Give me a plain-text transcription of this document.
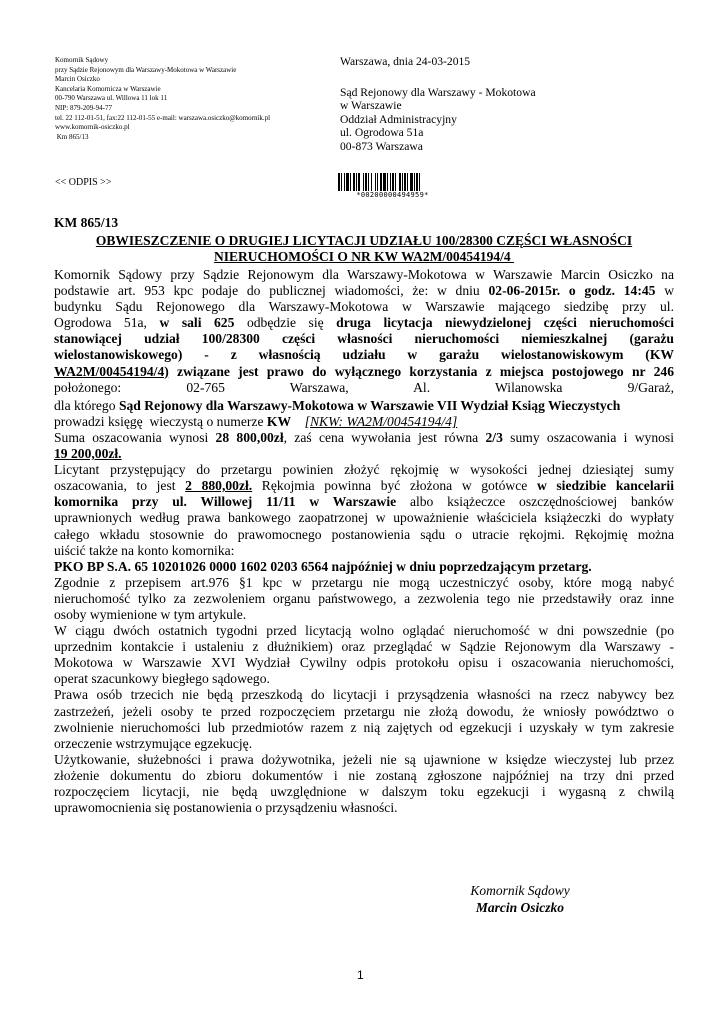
Komornik Sądowy
przy Sądzie Rejonowym dla Warszawy-Mokotowa w Warszawie
Marcin Osiczko
Kancelaria Komornicza w Warszawie
00-790 Warszawa ul. Willowa 11 lok 11
NIP: 879-209-94-77
tel. 22 112-01-51, fax:22 112-01-55 e-mail: warszawa.osiczko@komornik.pl
www.komornik-osiczko.pl
Km 865/13
<< ODPIS >>
Warszawa, dnia 24-03-2015
Sąd Rejonowy dla Warszawy - Mokotowa
w Warszawie
Oddział Administracyjny
ul. Ogrodowa 51a
00-873 Warszawa
*00200000494959*
KM 865/13
OBWIESZCZENIE O DRUGIEJ LICYTACJI UDZIAŁU 100/28300 CZĘŚCI WŁASNOŚCI
NIERUCHOMOŚCI O NR KW WA2M/00454194/4
Komornik Sądowy przy Sądzie Rejonowym dla Warszawy-Mokotowa w Warszawie Marcin Osiczko na
podstawie art. 953 kpc podaje do publicznej wiadomości, że: w dniu 02-06-2015r. o godz. 14:45 w
budynku Sądu Rejonowego dla Warszawy-Mokotowa w Warszawie mającego siedzibę przy ul.
Ogrodowa 51a, w sali 625 odbędzie się druga licytacja niewydzielonej części nieruchomości
stanowiącej udział 100/28300 części własności nieruchomości niemieszkalnej (garażu
wielostanowiskowego) - z własnością udziału w garażu wielostanowiskowym (KW
WA2M/00454194/4) związane jest prawo do wyłącznego korzystania z miejsca postojowego nr 246
położonego: 02-765 Warszawa, Al. Wilanowska 9/Garaż,
dla którego Sąd Rejonowy dla Warszawy-Mokotowa w Warszawie VII Wydział Ksiąg Wieczystych
prowadzi księgę  wieczystą o numerze KW [NKW: WA2M/00454194/4]
Suma oszacowania wynosi 28 800,00zł, zaś cena wywołania jest równa 2/3 sumy oszacowania i wynosi
19 200,00zł.
Licytant przystępujący do przetargu powinien złożyć rękojmię w wysokości jednej dziesiątej sumy
oszacowania, to jest 2 880,00zł. Rękojmia powinna być złożona w gotówce w siedzibie kancelarii
komornika przy ul. Willowej 11/11 w Warszawie albo książeczce oszczędnościowej banków
uprawnionych według prawa bankowego zaopatrzonej w upoważnienie właściciela książeczki do wypłaty
całego wkładu stosownie do prawomocnego postanowienia sądu o utracie rękojmi. Rękojmię można
uiścić także na konto komornika:
PKO BP S.A. 65 10201026 0000 1602 0203 6564 najpóźniej w dniu poprzedzającym przetarg.
Zgodnie z przepisem art.976 §1 kpc w przetargu nie mogą uczestniczyć osoby, które mogą nabyć
nieruchomość tylko za zezwoleniem organu państwowego, a zezwolenia tego nie przedstawiły oraz inne
osoby wymienione w tym artykule.
W ciągu dwóch ostatnich tygodni przed licytacją wolno oglądać nieruchomość w dni powszednie (po
uprzednim kontakcie i ustaleniu z dłużnikiem) oraz przeglądać w Sądzie Rejonowym dla Warszawy -
Mokotowa w Warszawie XVI Wydział Cywilny odpis protokołu opisu i oszacowania nieruchomości,
operat szacunkowy biegłego sądowego.
Prawa osób trzecich nie będą przeszkodą do licytacji i przysądzenia własności na rzecz nabywcy bez
zastrzeżeń, jeżeli osoby te przed rozpoczęciem przetargu nie złożą dowodu, że wniosły powództwo o
zwolnienie nieruchomości lub przedmiotów razem z nią zajętych od egzekucji i uzyskały w tym zakresie
orzeczenie wstrzymujące egzekucję.
Użytkowanie, służebności i prawa dożywotnika, jeżeli nie są ujawnione w księdze wieczystej lub przez
złożenie dokumentu do zbioru dokumentów i nie zostaną zgłoszone najpóźniej na trzy dni przed
rozpoczęciem licytacji, nie będą uwzględnione w dalszym toku egzekucji i wygasną z chwilą
uprawomocnienia się postanowienia o przysądzeniu własności.
Komornik Sądowy
Marcin Osiczko
1
